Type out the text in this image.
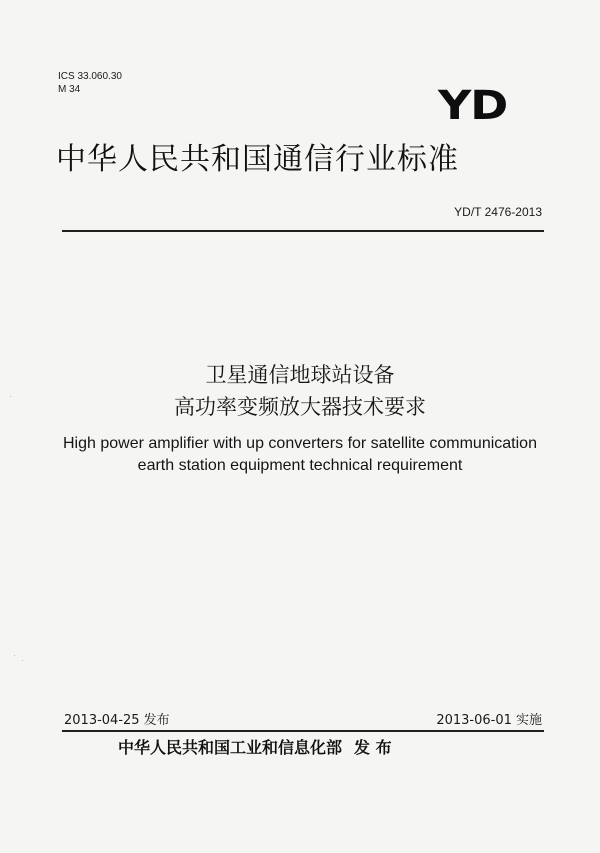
ICS 33.060.30
M 34	YD
中华人民共和国通信行业标准
YD/T 2476-2013
卫星通信地球站设备
高功率变频放大器技术要求
High power amplifier with up converters for satellite communication
earth station equipment technical requirement
2013-04-25 发布	2013-06-01 实施
中华人民共和国工业和信息化部 发 布
